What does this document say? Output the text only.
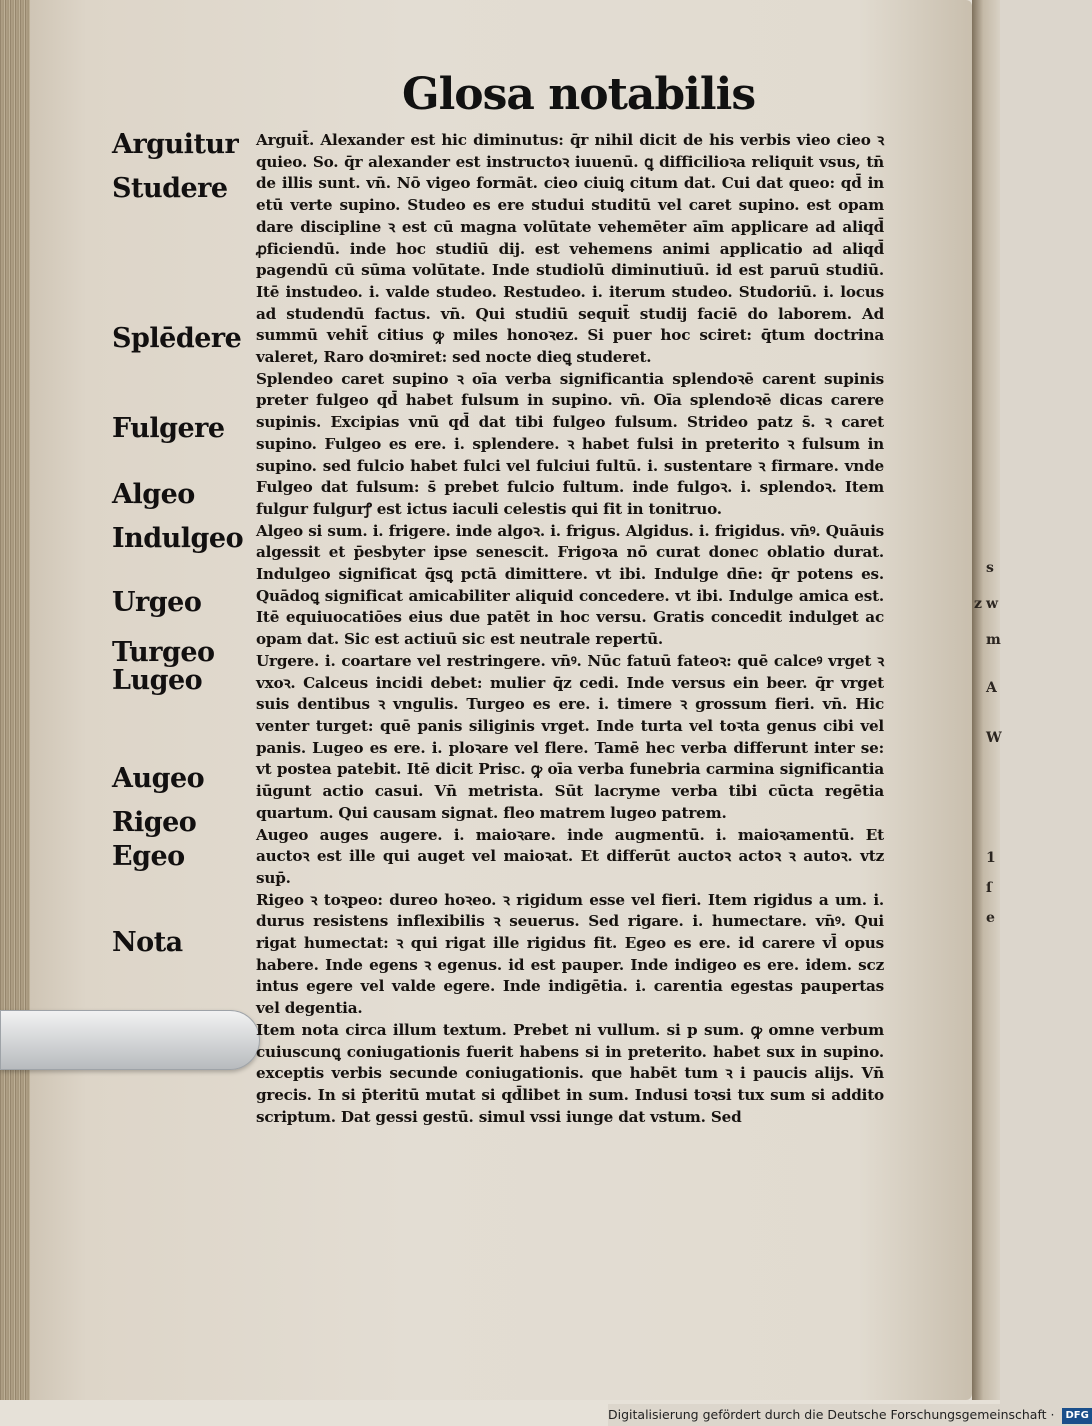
s
w
z
m
A
W
1
ſ
e
Glosa notabilis
Arguitur
Studere
Splēdere
Fulgere
Algeo
Indulgeo
Urgeo
Turgeo
Lugeo
Augeo
Rigeo
Egeo
Nota

Arguit̄. Alexander est hic diminutus: q̄r nihil dicit de his verbis vieo cieo ꝛ quieo. So. q̄r alexander est instructoꝛ iuuenū. ꝗ difficilioꝛa reliquit vsus, tn̄ de illis sunt. vn̄. Nō vigeo formāt. cieo ciuiꝗ citum dat. Cui dat queo: qd̄ in etū verte supino. Studeo es ere studui studitū vel caret supino. est opam dare discipline ꝛ est cū magna volūtate vehemēter aīm applicare ad aliqd̄ ꝓficiendū. inde hoc studiū dij. est vehemens animi applicatio ad aliqd̄ pagendū cū sūma volūtate. Inde studiolū diminutiuū. id est paruū studiū. Itē instudeo. i. valde studeo. Restudeo. i. iterum studeo. Studoriū. i. locus ad studendū factus. vn̄. Qui studiū sequit̄ studij faciē do laborem. Ad summū vehit̄ citius ꝙ miles honoꝛez. Si puer hoc sciret: q̄tum doctrina valeret, Raro doꝛmiret: sed nocte dieꝗ studeret.

Splendeo caret supino ꝛ oīa verba significantia splendoꝛē carent supinis preter fulgeo qd̄ habet fulsum in supino. vn̄. Oīa splendoꝛē dicas carere supinis. Excipias vnū qd̄ dat tibi fulgeo fulsum. Strideo patz s̄. ꝛ caret supino. Fulgeo es ere. i. splendere. ꝛ habet fulsi in preterito ꝛ fulsum in supino. sed fulcio habet fulci vel fulciui fultū. i. sustentare ꝛ firmare. vnde Fulgeo dat fulsum: s̄ prebet fulcio fultum. inde fulgoꝛ. i. splendoꝛ. Item fulgur fulgurꝭ est ictus iaculi celestis qui fit in tonitruo.

Algeo si sum. i. frigere. inde algoꝛ. i. frigus. Algidus. i. frigidus. vn̄ꝰ. Quāuis algessit et p̄esbyter ipse senescit. Frigoꝛa nō curat donec oblatio durat. Indulgeo significat q̄sꝗ pctā dimittere. vt ibi. Indulge dn̄e: q̄r potens es. Quādoꝗ significat amicabiliter aliquid concedere. vt ibi. Indulge amica est. Itē equiuocatiōes eius due patēt in hoc versu. Gratis concedit indulget ac opam dat. Sic est actiuū sic est neutrale repertū.

Urgere. i. coartare vel restringere. vn̄ꝰ. Nūc fatuū fateoꝛ: quē calceꝰ vrget ꝛ vxoꝛ. Calceus incidi debet: mulier q̄z cedi. Inde versus ein beer. q̄r vrget suis dentibus ꝛ vngulis. Turgeo es ere. i. timere ꝛ grossum fieri. vn̄. Hic venter turget: quē panis siliginis vrget. Inde turta vel toꝛta genus cibi vel panis. Lugeo es ere. i. ploꝛare vel flere. Tamē hec verba differunt inter se: vt postea patebit. Itē dicit Prisc. ꝙ oīa verba funebria carmina significantia iūgunt actio casui. Vn̄ metrista. Sūt lacryme verba tibi cūcta regētia quartum. Qui causam signat. fleo matrem lugeo patrem.

Augeo auges augere. i. maioꝛare. inde augmentū. i. maioꝛamentū. Et auctoꝛ est ille qui auget vel maioꝛat. Et differūt auctoꝛ actoꝛ ꝛ autoꝛ. vtz sup̄.

Rigeo ꝛ toꝛpeo: dureo hoꝛeo. ꝛ rigidum esse vel fieri. Item rigidus a um. i. durus resistens inflexibilis ꝛ seuerus. Sed rigare. i. humectare. vn̄ꝰ. Qui rigat humectat: ꝛ qui rigat ille rigidus fit. Egeo es ere. id carere vl̄ opus habere. Inde egens ꝛ egenus. id est pauper. Inde indigeo es ere. idem. scz intus egere vel valde egere. Inde indigētia. i. carentia egestas paupertas vel degentia.

Item nota circa illum textum. Prebet ni vullum. si p sum. ꝙ omne verbum cuiuscunꝗ coniugationis fuerit habens si in preterito. habet sux in supino. exceptis verbis secunde coniugationis. que habēt tum ꝛ i paucis alijs. Vn̄ grecis. In si p̄teritū mutat si qd̄libet in sum. Indusi toꝛsi tux sum si addito scriptum. Dat gessi gestū. simul vssi iunge dat vstum. Sed

Digitalisierung gefördert durch die Deutsche Forschungsgemeinschaft · DFG
